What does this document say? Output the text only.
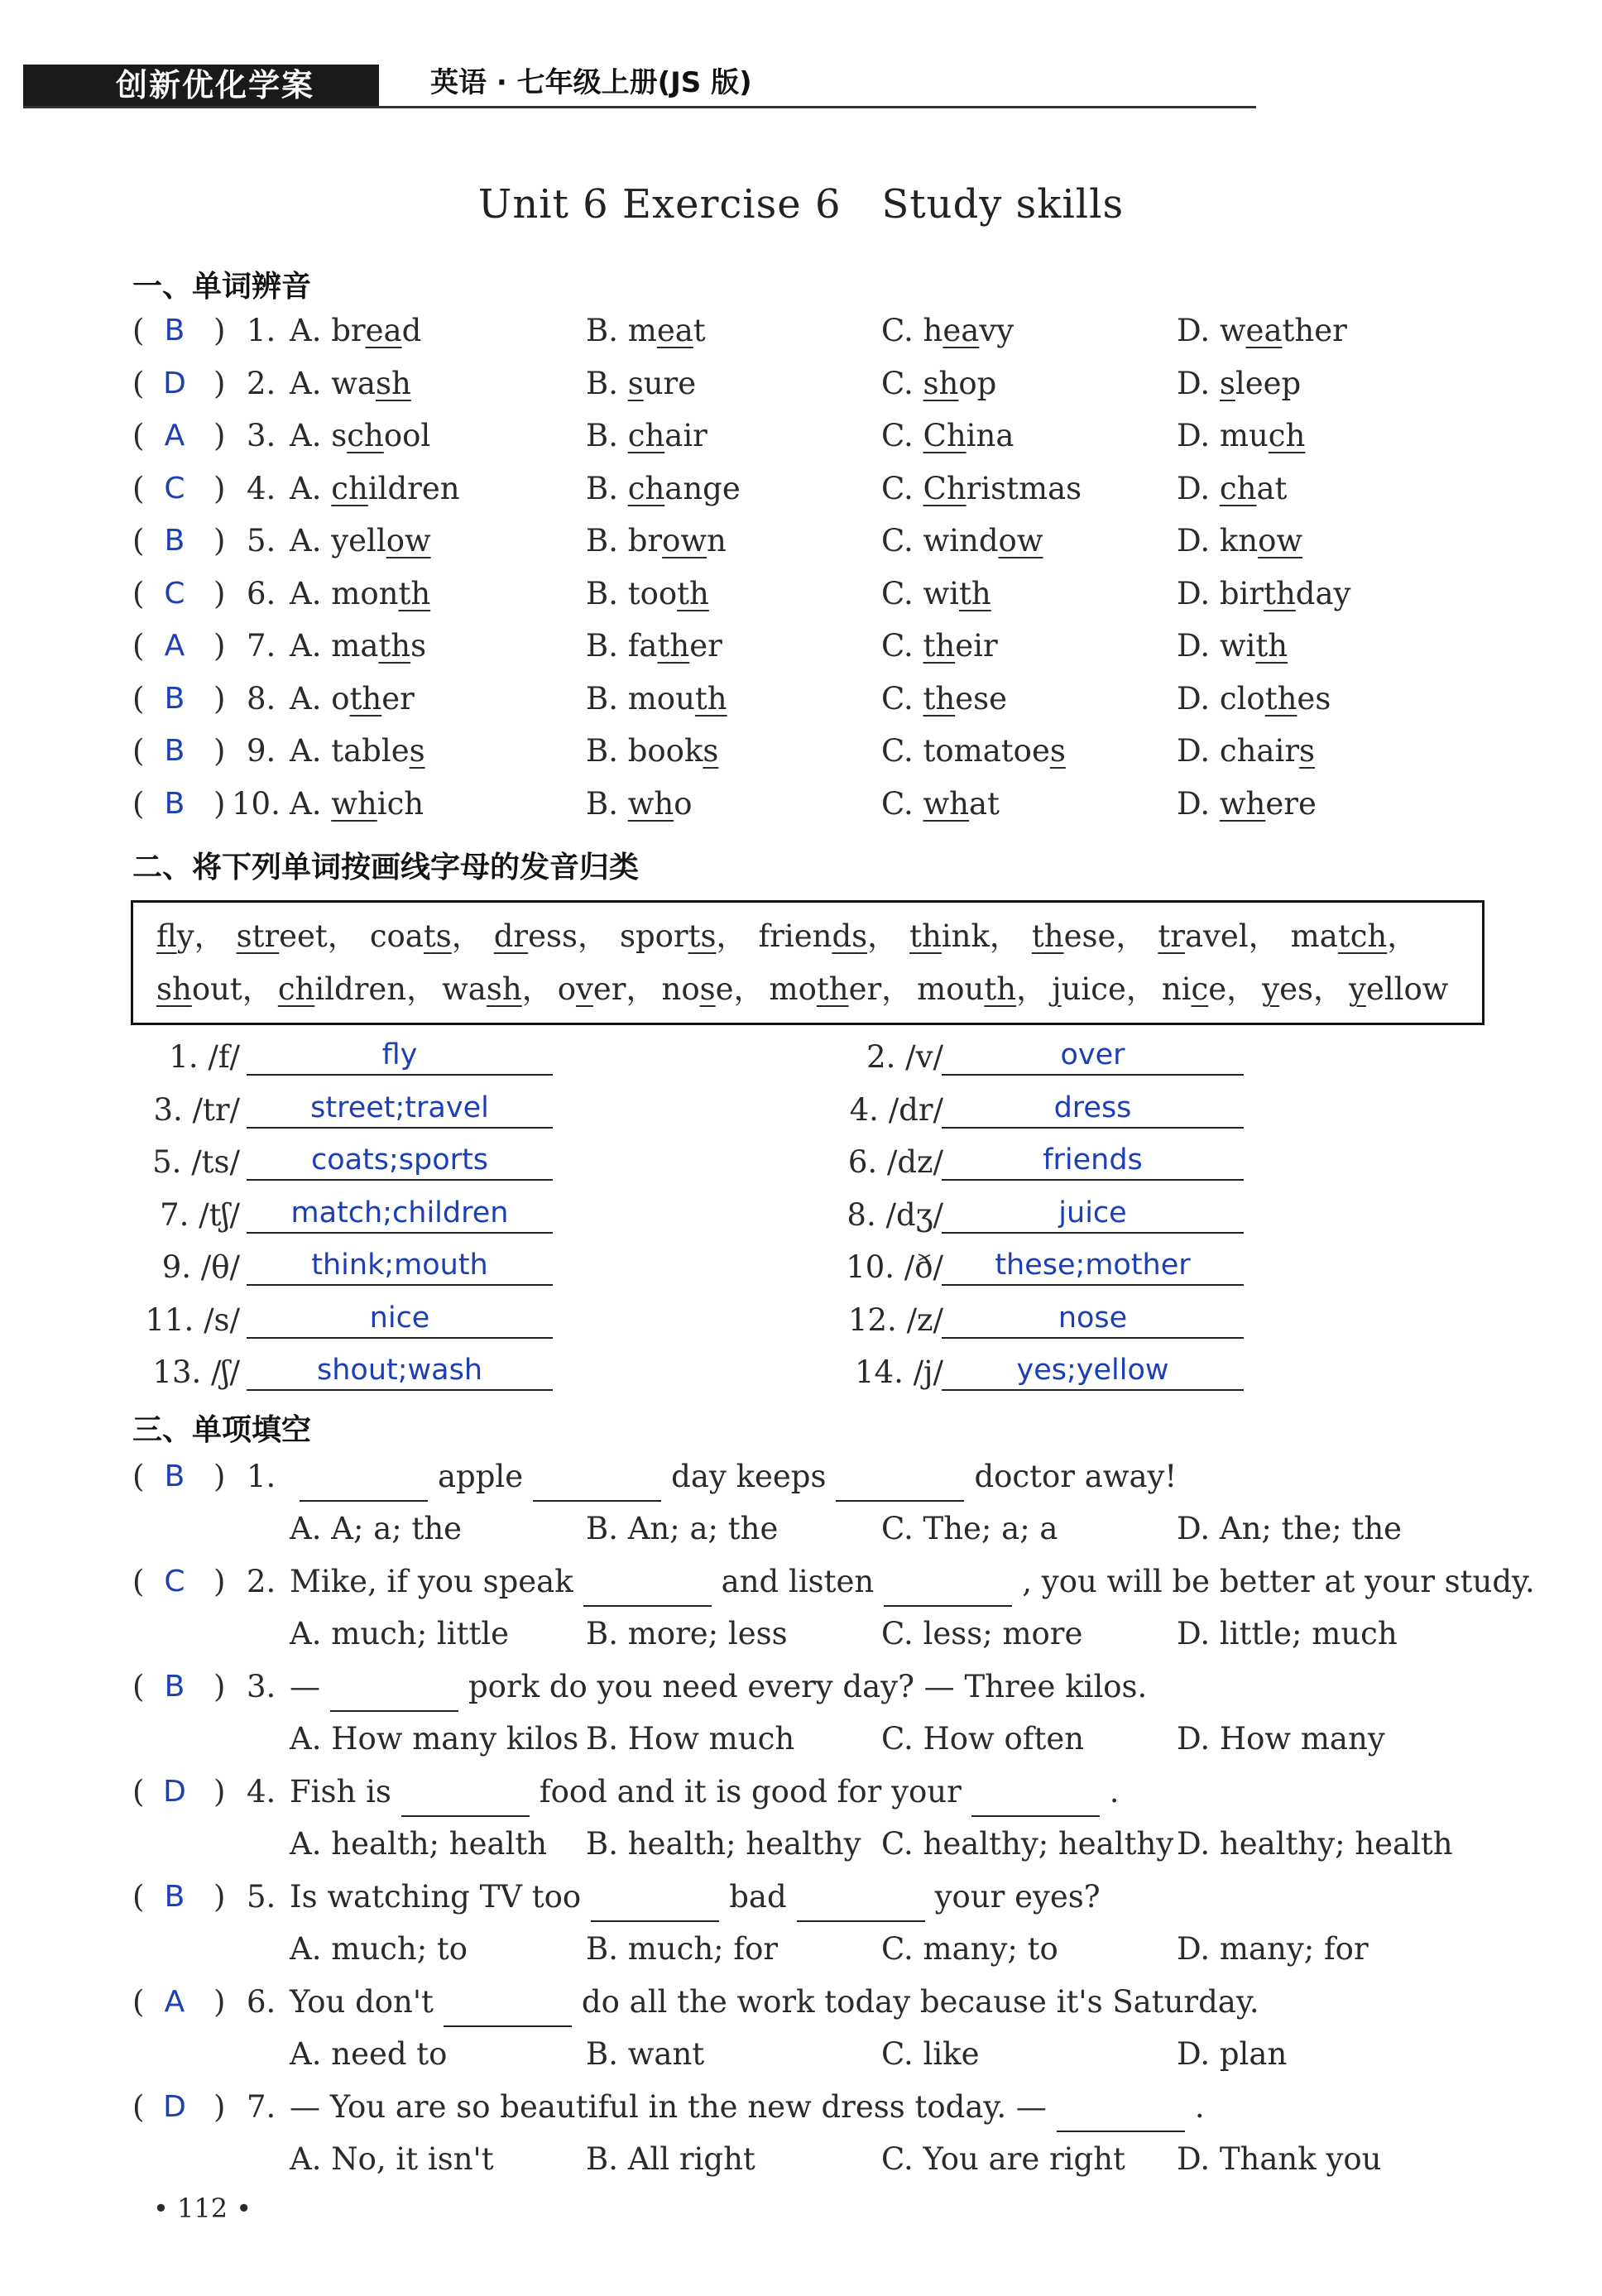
创新优化学案	英语 · 七年级上册(JS 版)
Unit 6 Exercise 6　Study skills
一、单词辨音
( B ) 1. A. bread	B. meat	C. heavy	D. weather
( D ) 2. A. wash	B. sure	C. shop	D. sleep
( A ) 3. A. school	B. chair	C. China	D. much
( C ) 4. A. children	B. change	C. Christmas	D. chat
( B ) 5. A. yellow	B. brown	C. window	D. know
( C ) 6. A. month	B. tooth	C. with	D. birthday
( A ) 7. A. maths	B. father	C. their	D. with
( B ) 8. A. other	B. mouth	C. these	D. clothes
( B ) 9. A. tables	B. books	C. tomatoes	D. chairs
( B ) 10. A. which	B. who	C. what	D. where
二、将下列单词按画线字母的发音归类
fly， street， coats， dress， sports， friends， think， these， travel， match，
shout， children， wash， over， nose， mother， mouth， juice， nice， yes， yellow
1. /f/	fly	2. /v/	over
3. /tr/	street;travel	4. /dr/	dress
5. /ts/	coats;sports	6. /dz/	friends
7. /tʃ/	match;children	8. /dʒ/	juice
9. /θ/	think;mouth	10. /ð/	these;mother
11. /s/	nice	12. /z/	nose
13. /ʃ/	shout;wash	14. /j/	yes;yellow
三、单项填空
( B ) 1.	apple	day keeps	doctor away!
A. A; a; the	B. An; a; the	C. The; a; a	D. An; the; the
( C ) 2. Mike, if you speak	and listen	, you will be better at your study.
A. much; little	B. more; less	C. less; more	D. little; much
( B ) 3. —	pork do you need every day? — Three kilos.
A. How many kilos B. How much	C. How often	D. How many
( D ) 4. Fish is	food and it is good for your	.
A. health; health B. health; healthy C. healthy; healthy D. healthy; health
( B ) 5. Is watching TV too	bad	your eyes?
A. much; to	B. much; for	C. many; to	D. many; for
( A ) 6. You don't	do all the work today because it's Saturday.
A. need to	B. want	C. like	D. plan
( D ) 7. — You are so beautiful in the new dress today. —	.
A. No, it isn't	B. All right	C. You are right D. Thank you
• 112 •
